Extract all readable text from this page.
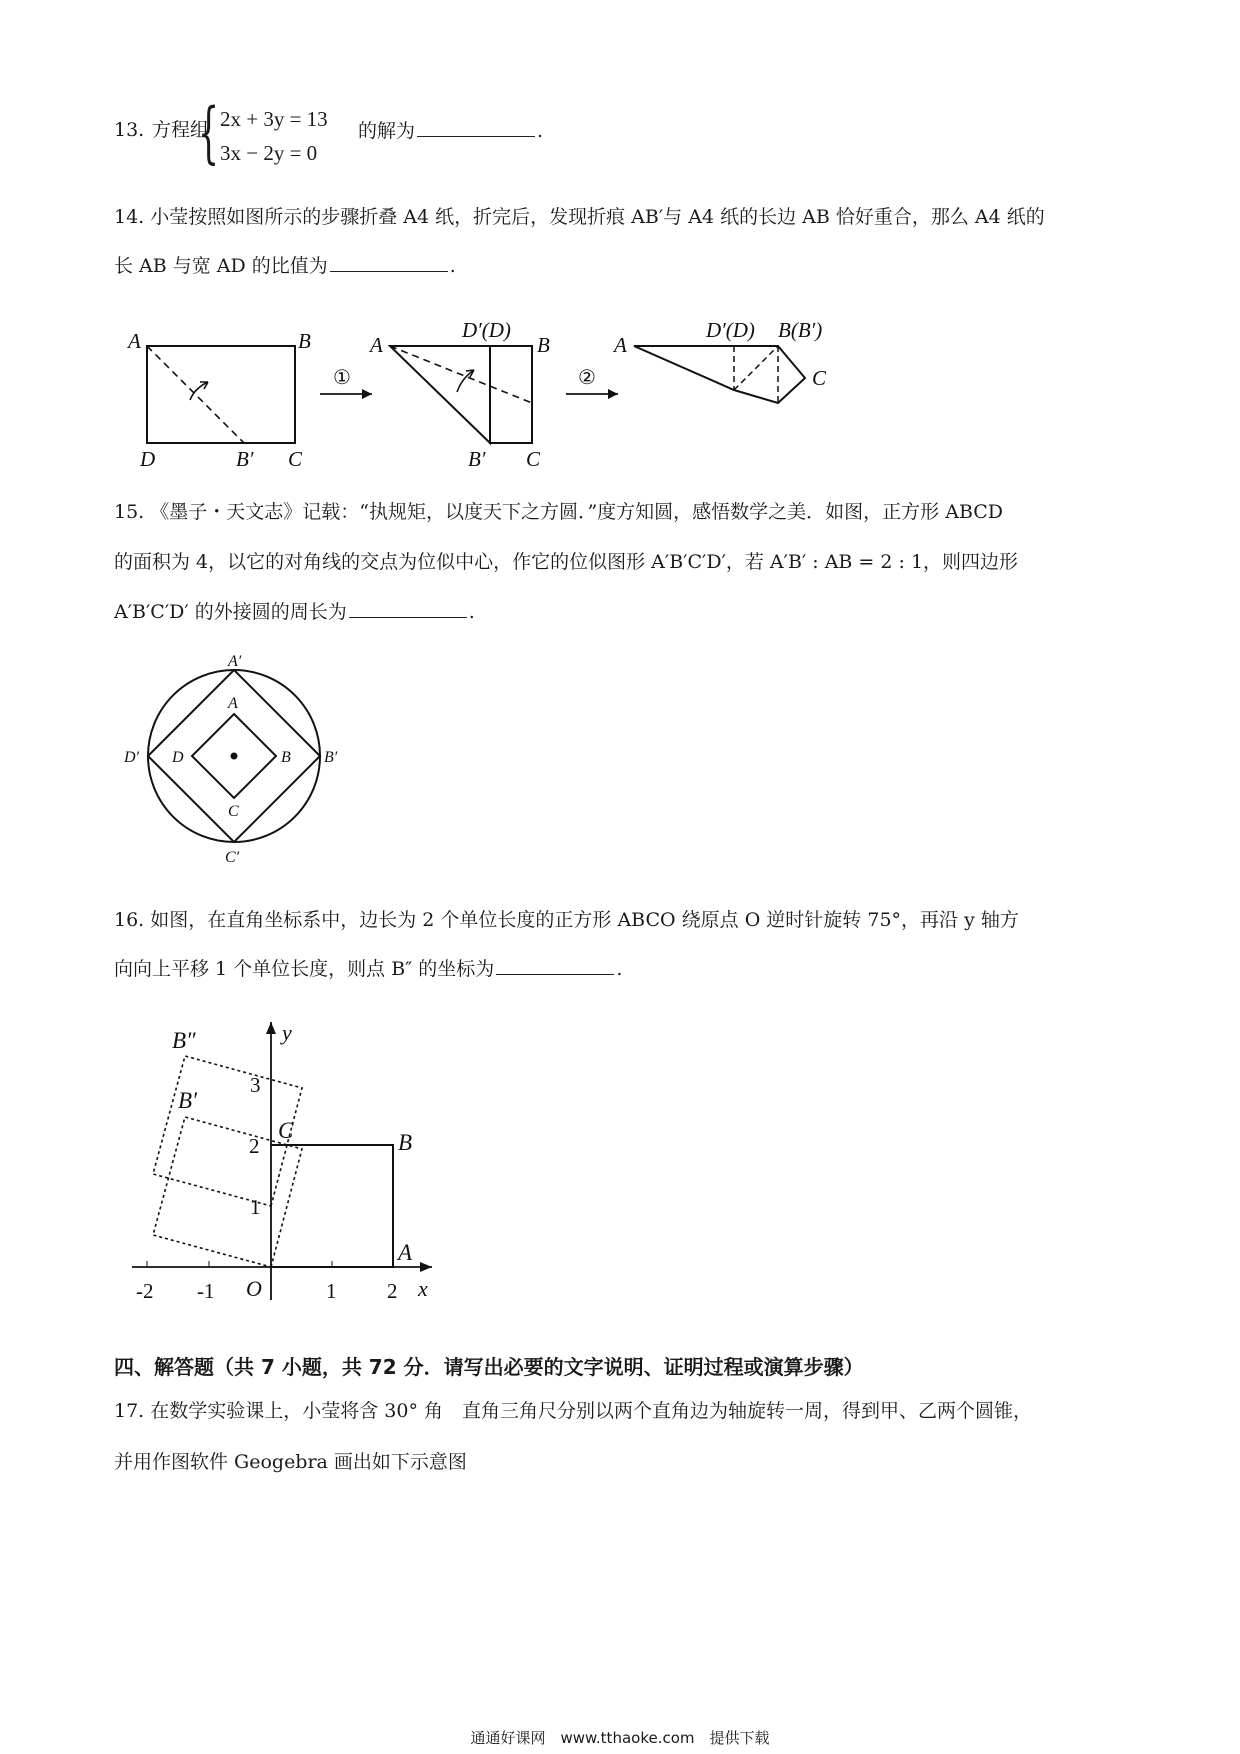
13. 方程组
{ 2x + 3y = 13
3x − 2y = 0
的解为	.
14. 小莹按照如图所示的步骤折叠 A4 纸，折完后，发现折痕 AB′与 A4 纸的长边 AB 恰好重合，那么 A4 纸的
长 AB 与宽 AD 的比值为	.
A	B
D	B′ C
①
A
D′(D)
B
B′ C
②
A
D′(D) B(B′)
C
15. 《墨子・天文志》记载：“执规矩，以度天下之方圆．”度方知圆，感悟数学之美．如图，正方形 ABCD
的面积为 4，以它的对角线的交点为位似中心，作它的位似图形 A′B′C′D′，若 A′B′ : AB = 2 : 1，则四边形
A′B′C′D′ 的外接圆的周长为	.
A′
A
D′ D	B B′
C
C′
16. 如图，在直角坐标系中，边长为 2 个单位长度的正方形 ABCO 绕原点 O 逆时针旋转 75°，再沿 y 轴方
向向上平移 1 个单位长度，则点 B″ 的坐标为	.
B″
B′
C	B
A
O
y
x
-2 -1	1 2
1
2
3
四、解答题（共 7 小题，共 72 分．请写出必要的文字说明、证明过程或演算步骤）
17. 在数学实验课上，小莹将含 30° 角　直角三角尺分别以两个直角边为轴旋转一周，得到甲、乙两个圆锥，
并用作图软件 Geogebra 画出如下示意图
通通好课网　www.tthaoke.com　提供下载
